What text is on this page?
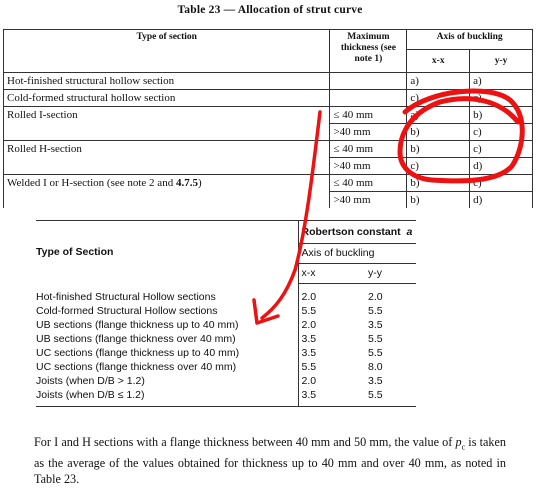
Table 23 — Allocation of strut curve
Type of section	Maximum thickness (see note 1)	Axis of buckling	
		x-x	y-y
Hot-finished structural hollow section		a)	a)
Cold-formed structural hollow section		c)	c)
Rolled I-section	≤ 40 mm	a)	b)
	>40 mm	b)	c)
Rolled H-section	≤ 40 mm	b)	c)
	>40 mm	c)	d)
Welded I or H-section (see note 2 and 4.7.5)	≤ 40 mm	b)	c)
	>40 mm	b)	d)
Type of Section	Robertson constant a	
	Axis of buckling	
	x-x	y-y

Hot-finished Structural Hollow sections	2.0	2.0
Cold-formed Structural Hollow sections	5.5	5.5
UB sections (flange thickness up to 40 mm)	2.0	3.5
UB sections (flange thickness over 40 mm)	3.5	5.5
UC sections (flange thickness up to 40 mm)	3.5	5.5
UC sections (flange thickness over 40 mm)	5.5	8.0
Joists (when D/B > 1.2)	2.0	3.5
Joists (when D/B ≤ 1.2)	3.5	5.5
For I and H sections with a flange thickness between 40 mm and 50 mm, the value of $p_c$ is taken as the average of the values obtained for thickness up to 40 mm and over 40 mm, as noted in Table 23.
